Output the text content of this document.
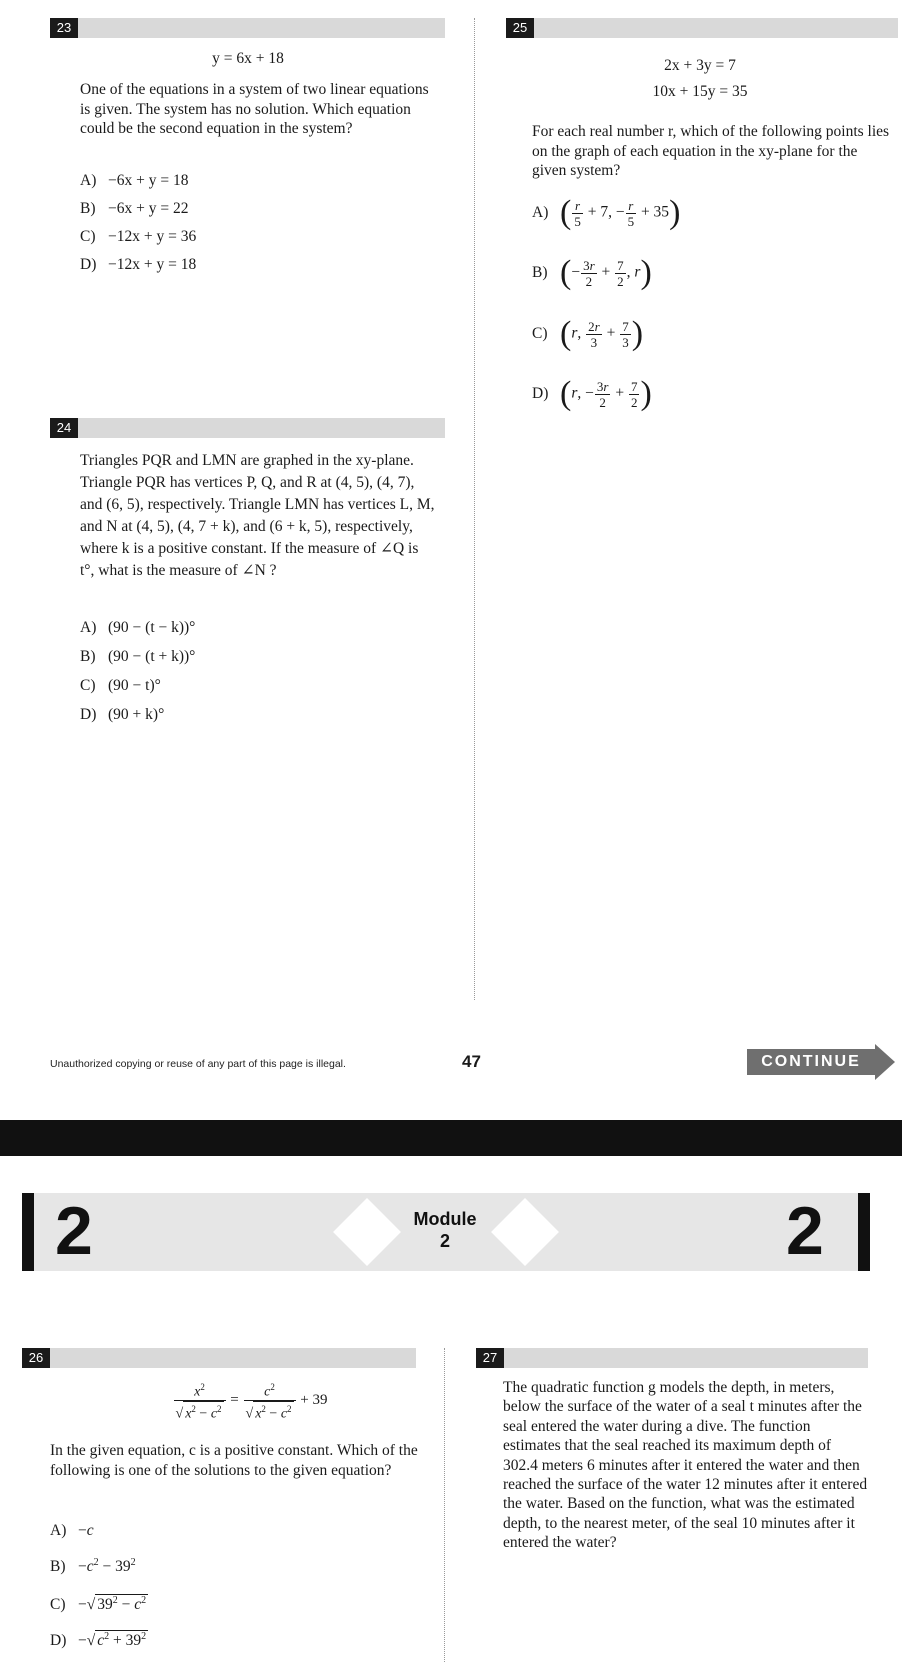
23
y = 6x + 18
One of the equations in a system of two linear equations is given. The system has no solution. Which equation could be the second equation in the system?
A) −6x + y = 18
B) −6x + y = 22
C) −12x + y = 36
D) −12x + y = 18
24
Triangles PQR and LMN are graphed in the xy-plane. Triangle PQR has vertices P, Q, and R at (4, 5), (4, 7), and (6, 5), respectively. Triangle LMN has vertices L, M, and N at (4, 5), (4, 7 + k), and (6 + k, 5), respectively, where k is a positive constant. If the measure of ∠Q is t°, what is the measure of ∠N ?
A) (90 − (t − k))°
B) (90 − (t + k))°
C) (90 − t)°
D) (90 + k)°
25
2x + 3y = 7
10x + 15y = 35
For each real number r, which of the following points lies on the graph of each equation in the xy-plane for the given system?
A) ( $\frac{r}{5} + 7$, − $\frac{r}{5} + 35$)
B) (− $\frac{3r}{2} + \frac{7}{2}$ , r)
C) (r, $\frac{2r}{3} + \frac{7}{3}$ )
D) (r, − $\frac{3r}{2} + \frac{7}{2}$ )
Unauthorized copying or reuse of any part of this page is illegal.	47	CONTINUE
2	2
Module
2
26
$\frac{x^2}{√ x^2 - c^2} = \frac{c^2}{√ x^2 - c^2} + 39$
In the given equation, c is a positive constant. Which of the following is one of the solutions to the given equation?
A) −c
$B) -c^2 - 39^2$
C) −√ $39^2 - c^2$
D) −√ $c^2 + 39^2$
27
The quadratic function g models the depth, in meters, below the surface of the water of a seal t minutes after the seal entered the water during a dive. The function estimates that the seal reached its maximum depth of 302.4 meters 6 minutes after it entered the water and then reached the surface of the water 12 minutes after it entered the water. Based on the function, what was the estimated depth, to the nearest meter, of the seal 10 minutes after it entered the water?
